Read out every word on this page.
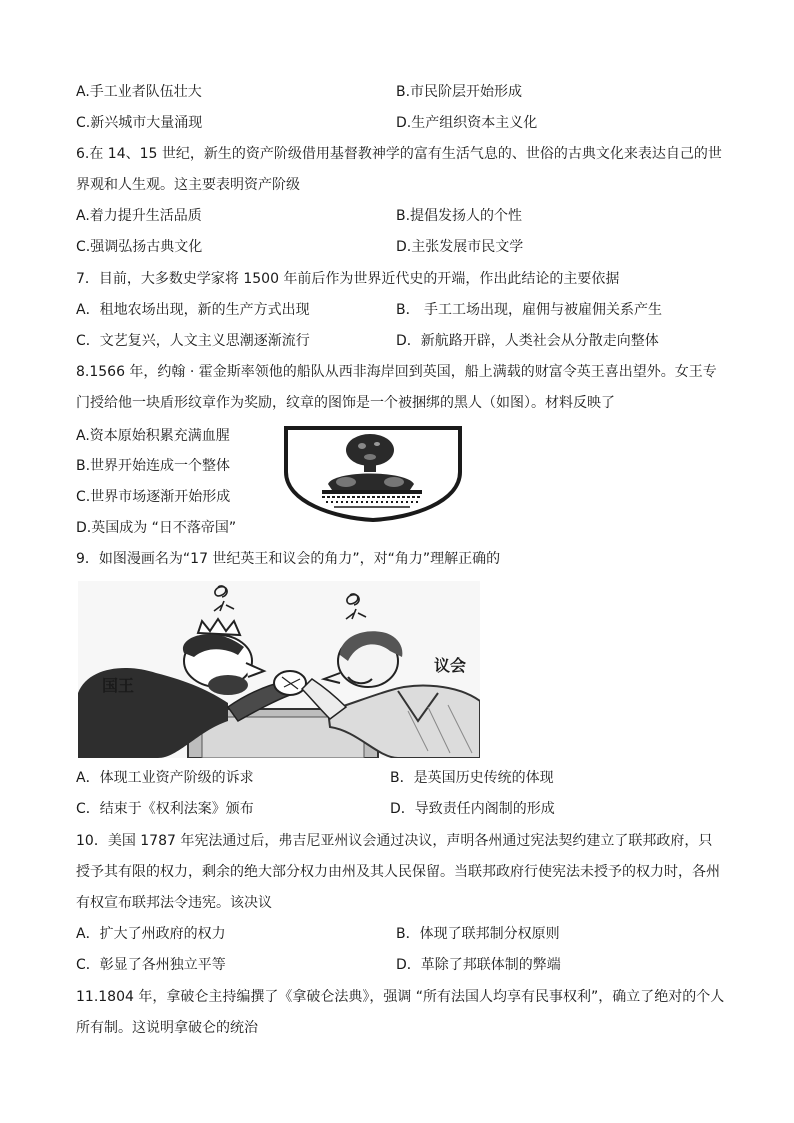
A.手工业者队伍壮大	B.市民阶层开始形成
C.新兴城市大量涌现	D.生产组织资本主义化
6.在 14、15 世纪，新生的资产阶级借用基督教神学的富有生活气息的、世俗的古典文化来表达自己的世界观和人生观。这主要表明资产阶级
A.着力提升生活品质	B.提倡发扬人的个性
C.强调弘扬古典文化	D.主张发展市民文学
7．目前，大多数史学家将 1500 年前后作为世界近代史的开端，作出此结论的主要依据
A．租地农场出现，新的生产方式出现	B． 手工工场出现，雇佣与被雇佣关系产生
C．文艺复兴，人文主义思潮逐渐流行	D．新航路开辟，人类社会从分散走向整体
8.1566 年，约翰 · 霍金斯率领他的船队从西非海岸回到英国，船上满载的财富令英王喜出望外。女王专门授给他一块盾形纹章作为奖励，纹章的图饰是一个被捆绑的黑人（如图）。材料反映了
A.资本原始积累充满血腥
B.世界开始连成一个整体
C.世界市场逐渐开始形成
D.英国成为 “日不落帝国”
9．如图漫画名为“17 世纪英王和议会的角力”，对“角力”理解正确的
国王
议会
A．体现工业资产阶级的诉求	B．是英国历史传统的体现
C．结束于《权利法案》颁布	D．导致责任内阁制的形成
10．美国 1787 年宪法通过后，弗吉尼亚州议会通过决议，声明各州通过宪法契约建立了联邦政府，只授予其有限的权力，剩余的绝大部分权力由州及其人民保留。当联邦政府行使宪法未授予的权力时，各州有权宣布联邦法令违宪。该决议
A．扩大了州政府的权力	B．体现了联邦制分权原则
C．彰显了各州独立平等	D．革除了邦联体制的弊端
11.1804 年，拿破仑主持编撰了《拿破仑法典》，强调 “所有法国人均享有民事权利”，确立了绝对的个人所有制。这说明拿破仑的统治
